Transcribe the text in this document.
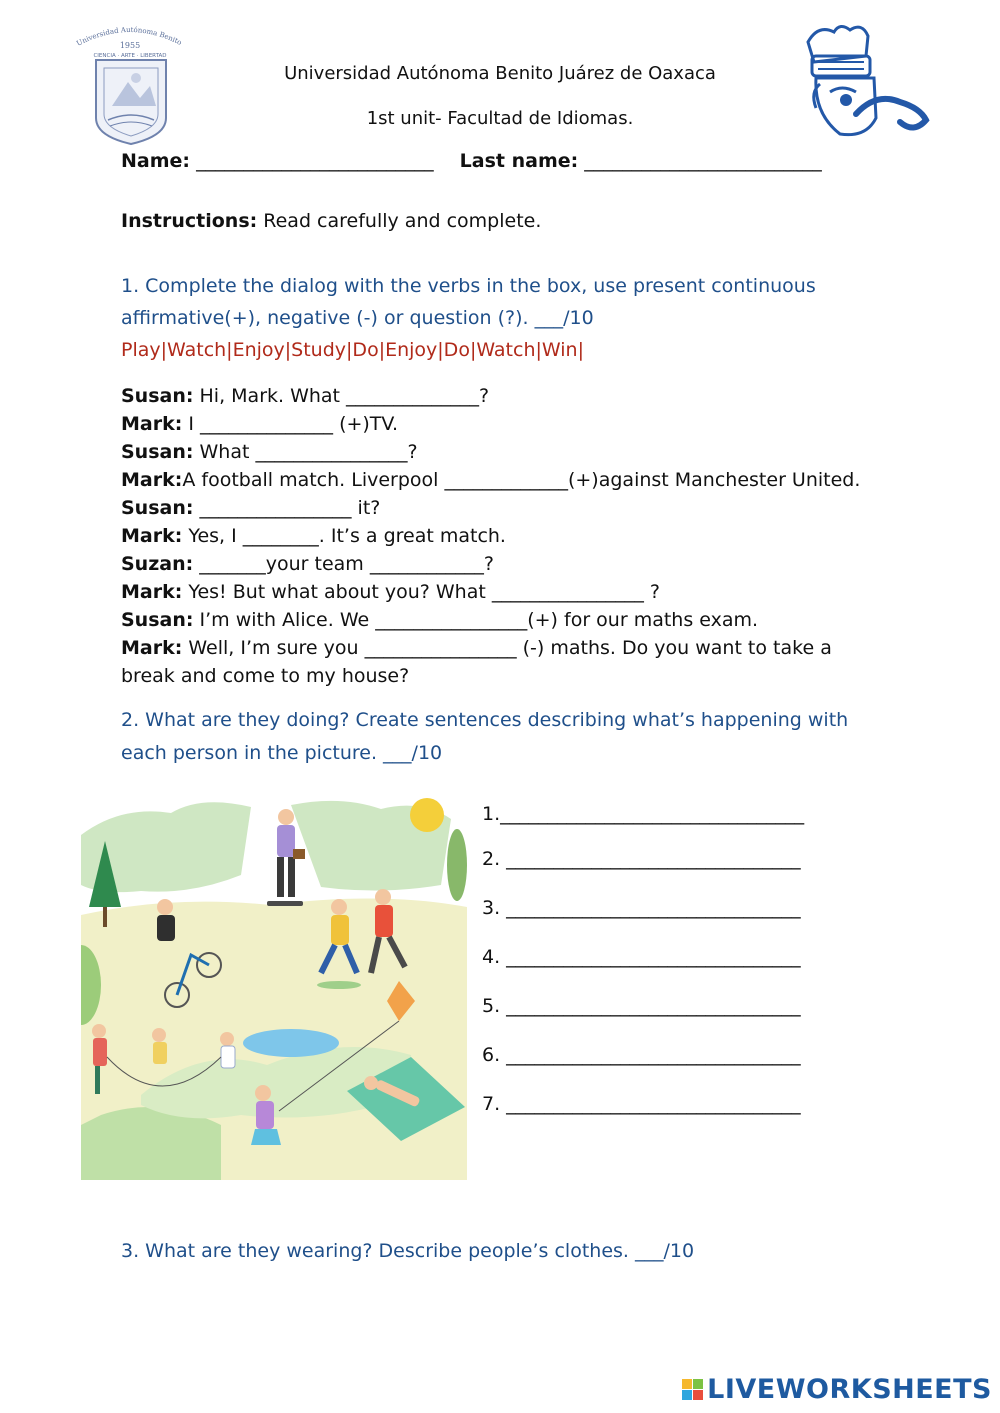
Universidad Autónoma Benito
1955
CIENCIA · ARTE · LIBERTAD
Universidad Autónoma Benito Juárez de Oaxaca
1st unit- Facultad de Idiomas.
Name: _________________________ Last name: _________________________
Instructions: Read carefully and complete.
1. Complete the dialog with the verbs in the box, use present continuous
affirmative(+), negative (-) or question (?). ___/10
Play|Watch|Enjoy|Study|Do|Enjoy|Do|Watch|Win|
Susan: Hi, Mark. What ______________?
Mark: I ______________ (+)TV.
Susan: What ________________?
Mark:A football match. Liverpool _____________(+)against Manchester United.
Susan: ________________ it?
Mark: Yes, I ________. It’s a great match.
Suzan: _______your team ____________?
Mark: Yes! But what about you? What ________________ ?
Susan: I’m with Alice. We ________________(+) for our maths exam.
Mark: Well, I’m sure you ________________ (-) maths. Do you want to take a
break and come to my house?
2. What are they doing? Create sentences describing what’s happening with
each person in the picture. ___/10
1.________________________________
2. _______________________________
3. _______________________________
4. _______________________________
5. _______________________________
6. _______________________________
7. _______________________________
3. What are they wearing? Describe people’s clothes. ___/10
LIVEWORKSHEETS
